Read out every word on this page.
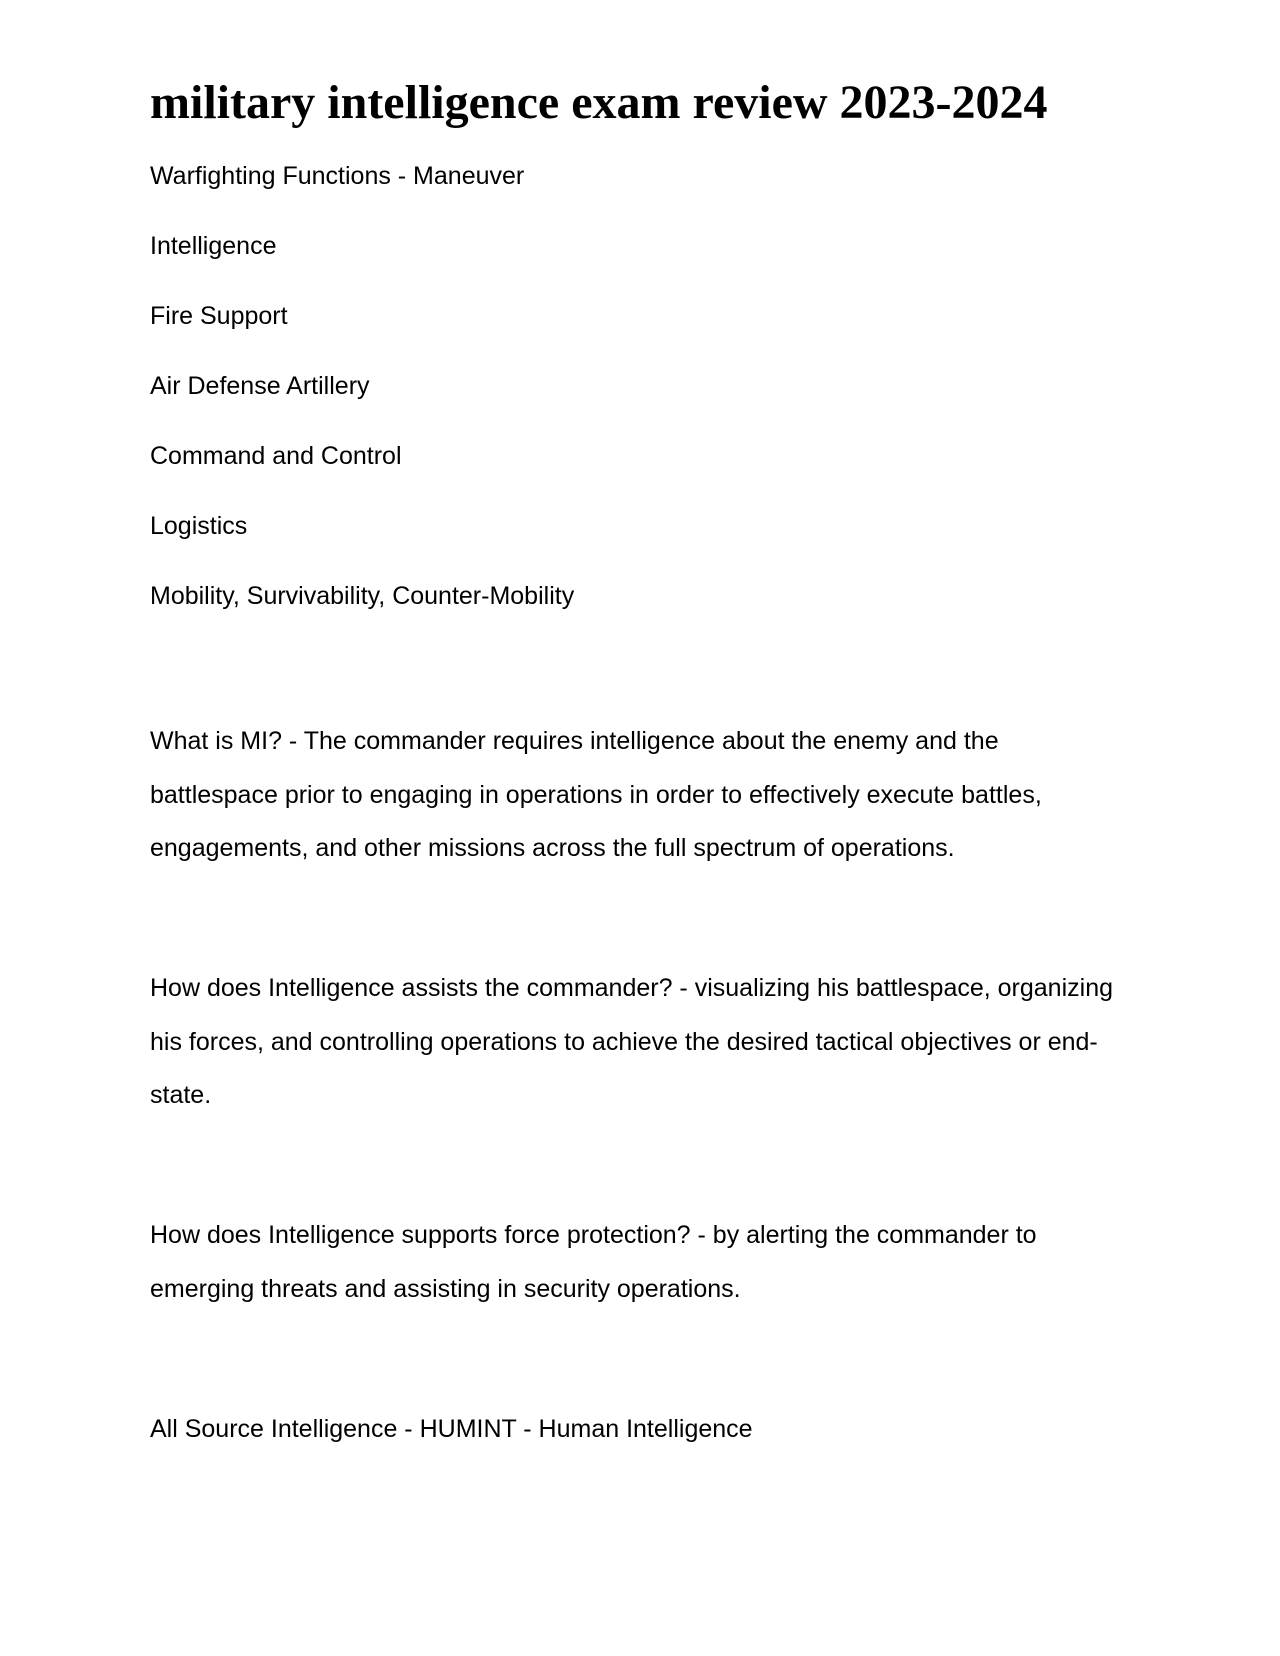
military intelligence exam review 2023-2024
Warfighting Functions - Maneuver
Intelligence
Fire Support
Air Defense Artillery
Command and Control
Logistics
Mobility, Survivability, Counter-Mobility

What is MI? - The commander requires intelligence about the enemy and the battlespace prior to engaging in operations in order to effectively execute battles, engagements, and other missions across the full spectrum of operations.

How does Intelligence assists the commander? - visualizing his battlespace, organizing his forces, and controlling operations to achieve the desired tactical objectives or end-state.

How does Intelligence supports force protection? - by alerting the commander to emerging threats and assisting in security operations.

All Source Intelligence - HUMINT - Human Intelligence
